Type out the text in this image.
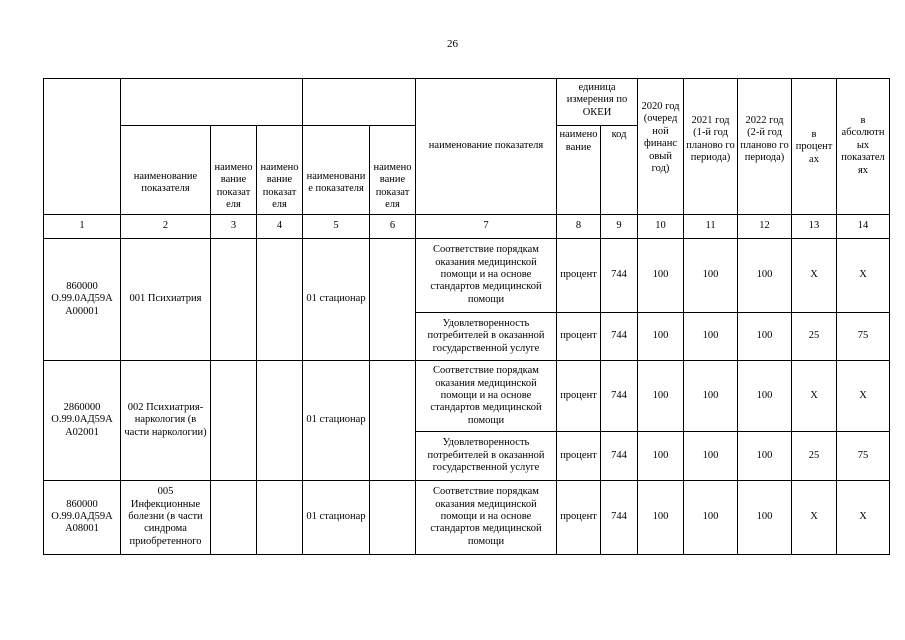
26
						наименование показателя	единица измерения по ОКЕИ		2020 год (очеред ной финанс овый год)	2021 год (1-й год планово го периода)	2022 год (2-й год планово го периода)	в процент ах	в абсолютн ых показател ях
	наименование показателя	наимено вание показат еля	наимено вание показат еля	наименовани е показателя	наимено вание показат еля		наимено вание	код					
1	2	3	4	5	6	7	8	9	10	11	12	13	14
860000 О.99.0АД59А А00001	001 Психиатрия			01 стационар		Соответствие порядкам оказания медицинской помощи и на основе стандартов медицинской помощи	процент	744	100	100	100	X	X
						Удовлетворенность потребителей в оказанной государственной услуге	процент	744	100	100	100	25	75
2860000 О.99.0АД59А А02001	002 Психиатрия-наркология (в части наркологии)			01 стационар		Соответствие порядкам оказания медицинской помощи и на основе стандартов медицинской помощи	процент	744	100	100	100	X	X
						Удовлетворенность потребителей в оказанной государственной услуге	процент	744	100	100	100	25	75
860000 О.99.0АД59А А08001	005 Инфекционные болезни (в части синдрома приобретенного			01 стационар		Соответствие порядкам оказания медицинской помощи и на основе стандартов медицинской помощи	процент	744	100	100	100	X	X
